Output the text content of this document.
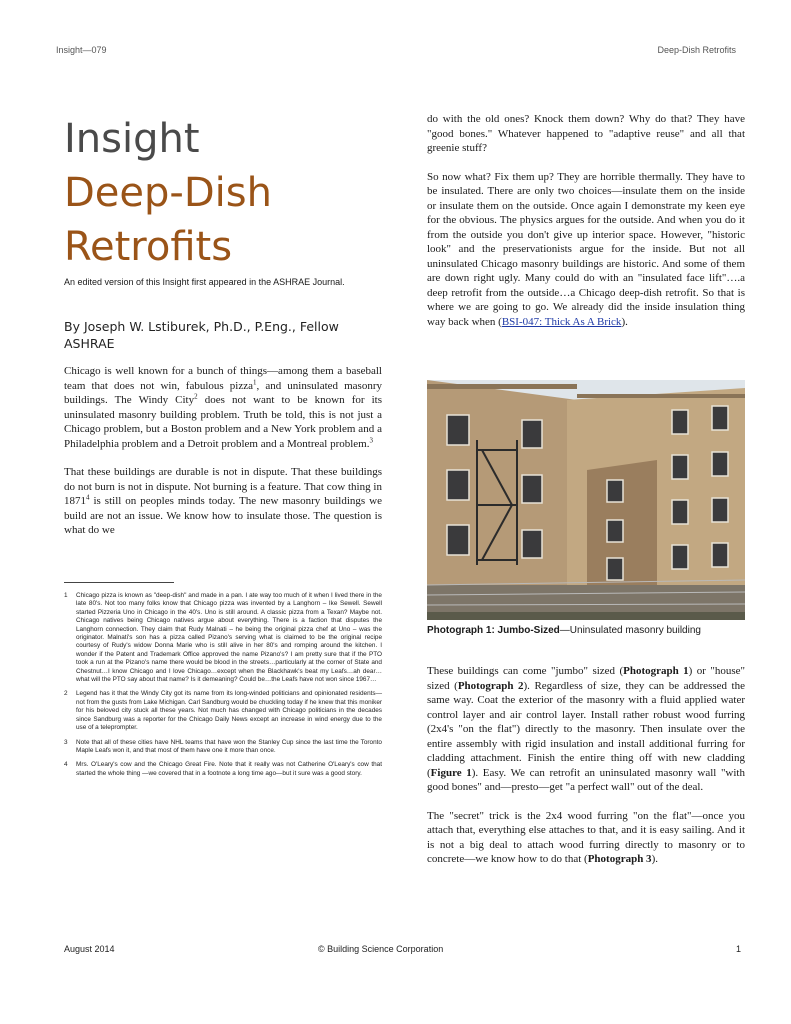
Insight—079	Deep-Dish Retrofits
Insight
Deep-Dish
Retrofits
An edited version of this Insight first appeared in the ASHRAE Journal.
By Joseph W. Lstiburek, Ph.D., P.Eng., Fellow ASHRAE

Chicago is well known for a bunch of things—among them a baseball team that does not win, fabulous pizza$^1$, and uninsulated masonry buildings. The Windy City$^2$ does not want to be known for its uninsulated masonry building problem. Truth be told, this is not just a Chicago problem, but a Boston problem and a New York problem and a Philadelphia problem and a Detroit problem and a Montreal problem.$^3$

That these buildings are durable is not in dispute. That these buildings do not burn is not in dispute. Not burning is a feature. That cow thing in 1871$^4$ is still on peoples minds today. The new masonry buildings we build are not an issue. We know how to insulate those. The question is what do we

1	Chicago pizza is known as "deep-dish" and made in a pan. I ate way too much of it when I lived there in the late 80's. Not too many folks know that Chicago pizza was invented by a Langhorn – Ike Sewell. Sewell started Pizzeria Uno in Chicago in the 40's. Uno is still around. A classic pizza from a Texan? Maybe not. Chicago natives being Chicago natives argue about everything. There is a faction that disputes the Langhorn connection. They claim that Rudy Malnati – he being the original pizza chef at Uno – was the originator. Malnati's son has a pizza called Pizano's serving what is claimed to be the original recipe courtesy of Rudy's widow Donna Marie who is still alive in her 80's and romping around the kitchen. I wonder if the Patent and Trademark Office approved the name Pizano's? I am pretty sure that if the PTO took a run at the Pizano's name there would be blood in the streets…particularly at the corner of State and Chestnut…I know Chicago and I love Chicago…except when the Blackhawk's beat my Leafs…ah dear…what will the PTO say about that name? Is it demeaning? Could be…the Leafs have not won since 1967…
2	Legend has it that the Windy City got its name from its long-winded politicians and opinionated residents—not from the gusts from Lake Michigan. Carl Sandburg would be chuckling today if he knew that this moniker for his beloved city stuck all these years. Not much has changed with Chicago politicians in the decades since Sandburg was a reporter for the Chicago Daily News except an increase in wind energy due to the use of a teleprompter.
3	Note that all of these cities have NHL teams that have won the Stanley Cup since the last time the Toronto Maple Leafs won it, and that most of them have one it more than once.
4	Mrs. O'Leary's cow and the Chicago Great Fire. Note that it really was not Catherine O'Leary's cow that started the whole thing —we covered that in a footnote a long time ago—but it sure was a good story.

do with the old ones? Knock them down? Why do that? They have "good bones." Whatever happened to "adaptive reuse" and all that greenie stuff?

So now what? Fix them up? They are horrible thermally. They have to be insulated. There are only two choices—insulate them on the inside or insulate them on the outside. Once again I demonstrate my keen eye for the obvious. The physics argues for the outside. And when you do it from the outside you don't give up interior space. However, "historic look" and the preservationists argue for the inside. But not all uninsulated Chicago masonry buildings are historic. And some of them are down right ugly. Many could do with an "insulated face lift"….a deep retrofit from the outside…a Chicago deep-dish retrofit. So that is where we are going to go. We already did the inside insulation thing way back when (BSI-047: Thick As A Brick).

Photograph 1: Jumbo-Sized—Uninsulated masonry building

These buildings can come "jumbo" sized (Photograph 1) or "house" sized (Photograph 2). Regardless of size, they can be addressed the same way. Coat the exterior of the masonry with a fluid applied water control layer and air control layer. Install rather robust wood furring (2x4's "on the flat") directly to the masonry. Then insulate over the entire assembly with rigid insulation and install additional furring for cladding attachment. Finish the entire thing off with new cladding (Figure 1). Easy. We can retrofit an uninsulated masonry wall "with good bones" and—presto—get "a perfect wall" out of the deal.

The "secret" trick is the 2x4 wood furring "on the flat"—once you attach that, everything else attaches to that, and it is easy sailing. And it is not a big deal to attach wood furring directly to masonry or to concrete—we know how to do that (Photograph 3).

August 2014	© Building Science Corporation	1
